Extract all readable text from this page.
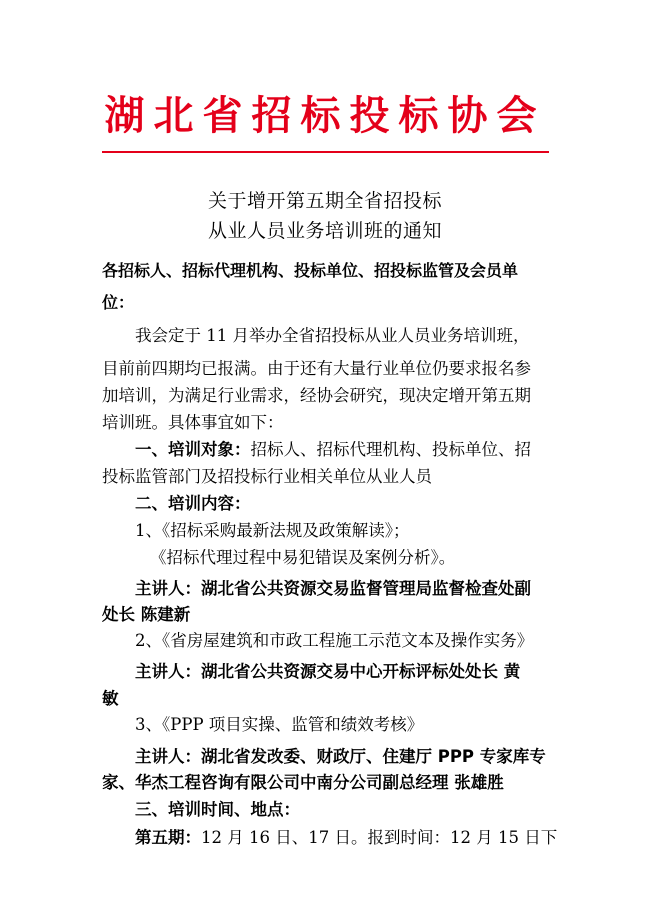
湖北省招标投标协会
关于增开第五期全省招投标
从业人员业务培训班的通知
各招标人、招标代理机构、投标单位、招投标监管及会员单
位：
我会定于 11 月举办全省招投标从业人员业务培训班，
目前前四期均已报满。由于还有大量行业单位仍要求报名参
加培训，为满足行业需求，经协会研究，现决定增开第五期
培训班。具体事宜如下：
一、培训对象：招标人、招标代理机构、投标单位、招
投标监管部门及招投标行业相关单位从业人员
二、培训内容：
1、《招标采购最新法规及政策解读》；
《招标代理过程中易犯错误及案例分析》。
主讲人：湖北省公共资源交易监督管理局监督检查处副
处长 陈建新
2、《省房屋建筑和市政工程施工示范文本及操作实务》
主讲人：湖北省公共资源交易中心开标评标处处长 黄
敏
3、《PPP 项目实操、监管和绩效考核》
主讲人：湖北省发改委、财政厅、住建厅 PPP 专家库专
家、华杰工程咨询有限公司中南分公司副总经理 张雄胜
三、培训时间、地点：
第五期：12 月 16 日、17 日。报到时间：12 月 15 日下
